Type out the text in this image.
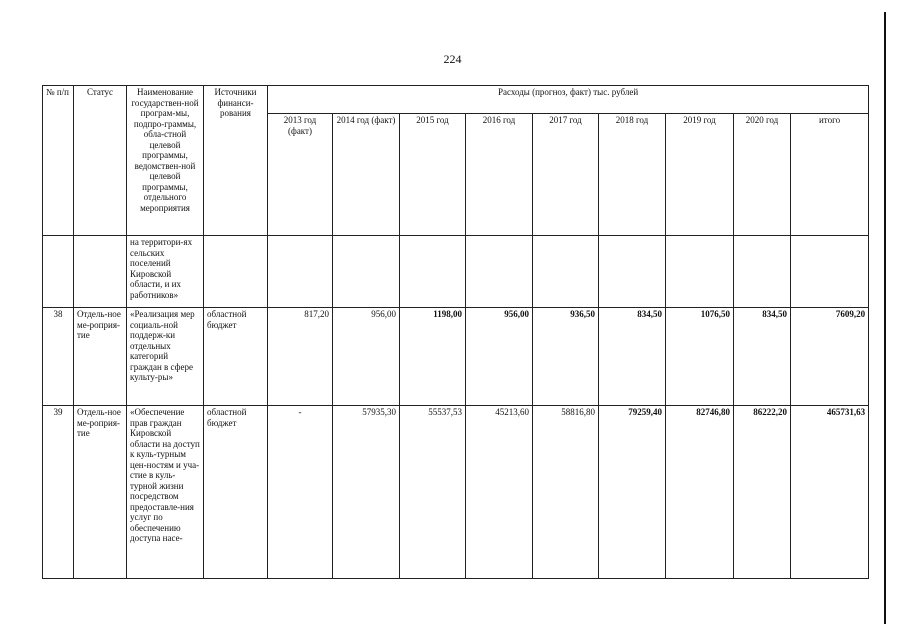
224
№ п/п	Статус	Наименование государствен-ной програм-мы, подпро-граммы, обла-стной целевой программы, ведомствен-ной целевой программы, отдельного мероприятия	Источники финанси-рования	Расходы (прогноз, факт) тыс. рублей								
				2013 год (факт)	2014 год (факт)	2015 год	2016 год	2017 год	2018 год	2019 год	2020 год	итого
		на территори-ях сельских поселений Кировской области, и их работников»										
38	Отдель-ное ме-роприя-тие	«Реализация мер социаль-ной поддерж-ки отдельных категорий граждан в сфере культу-ры»	областной бюджет	817,20	956,00	1198,00	956,00	936,50	834,50	1076,50	834,50	7609,20
39	Отдель-ное ме-роприя-тие	«Обеспечение прав граждан Кировской области на доступ к куль-турным цен-ностям и уча-стие в куль-турной жизни посредством предоставле-ния услуг по обеспечению доступа насе-	областной бюджет	-	57935,30	55537,53	45213,60	58816,80	79259,40	82746,80	86222,20	465731,63
